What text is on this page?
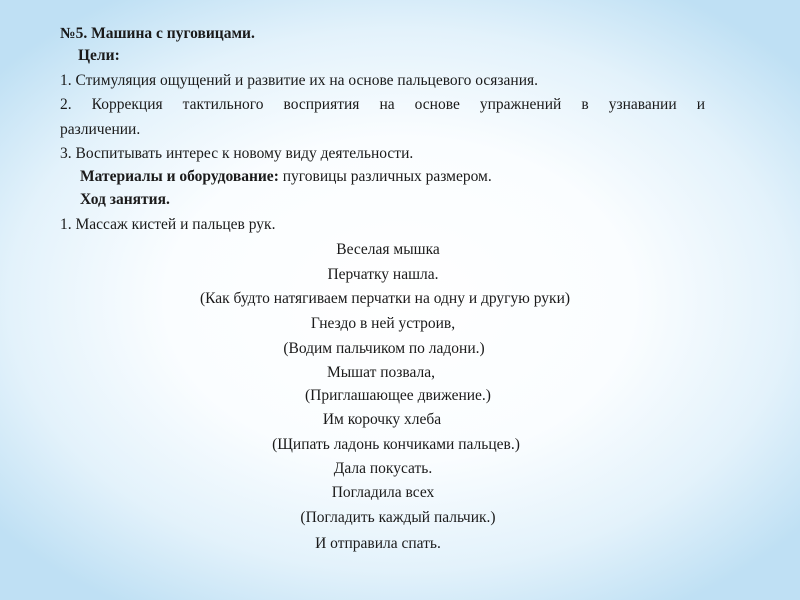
№5. Машина с пуговицами.
Цели:
1. Стимуляция ощущений и развитие их на основе пальцевого осязания.
2. Коррекция тактильного восприятия на основе упражнений в узнавании и
различении.
3. Воспитывать интерес к новому виду деятельности.
Материалы и оборудование: пуговицы различных размером.
Ход занятия.
1. Массаж кистей и пальцев рук.
Веселая мышка
Перчатку нашла.
(Как будто натягиваем перчатки на одну и другую руки)
Гнездо в ней устроив,
(Водим пальчиком по ладони.)
Мышат позвала,
(Приглашающее движение.)
Им корочку хлеба
(Щипать ладонь кончиками пальцев.)
Дала покусать.
Погладила всех
(Погладить каждый пальчик.)
И отправила спать.
